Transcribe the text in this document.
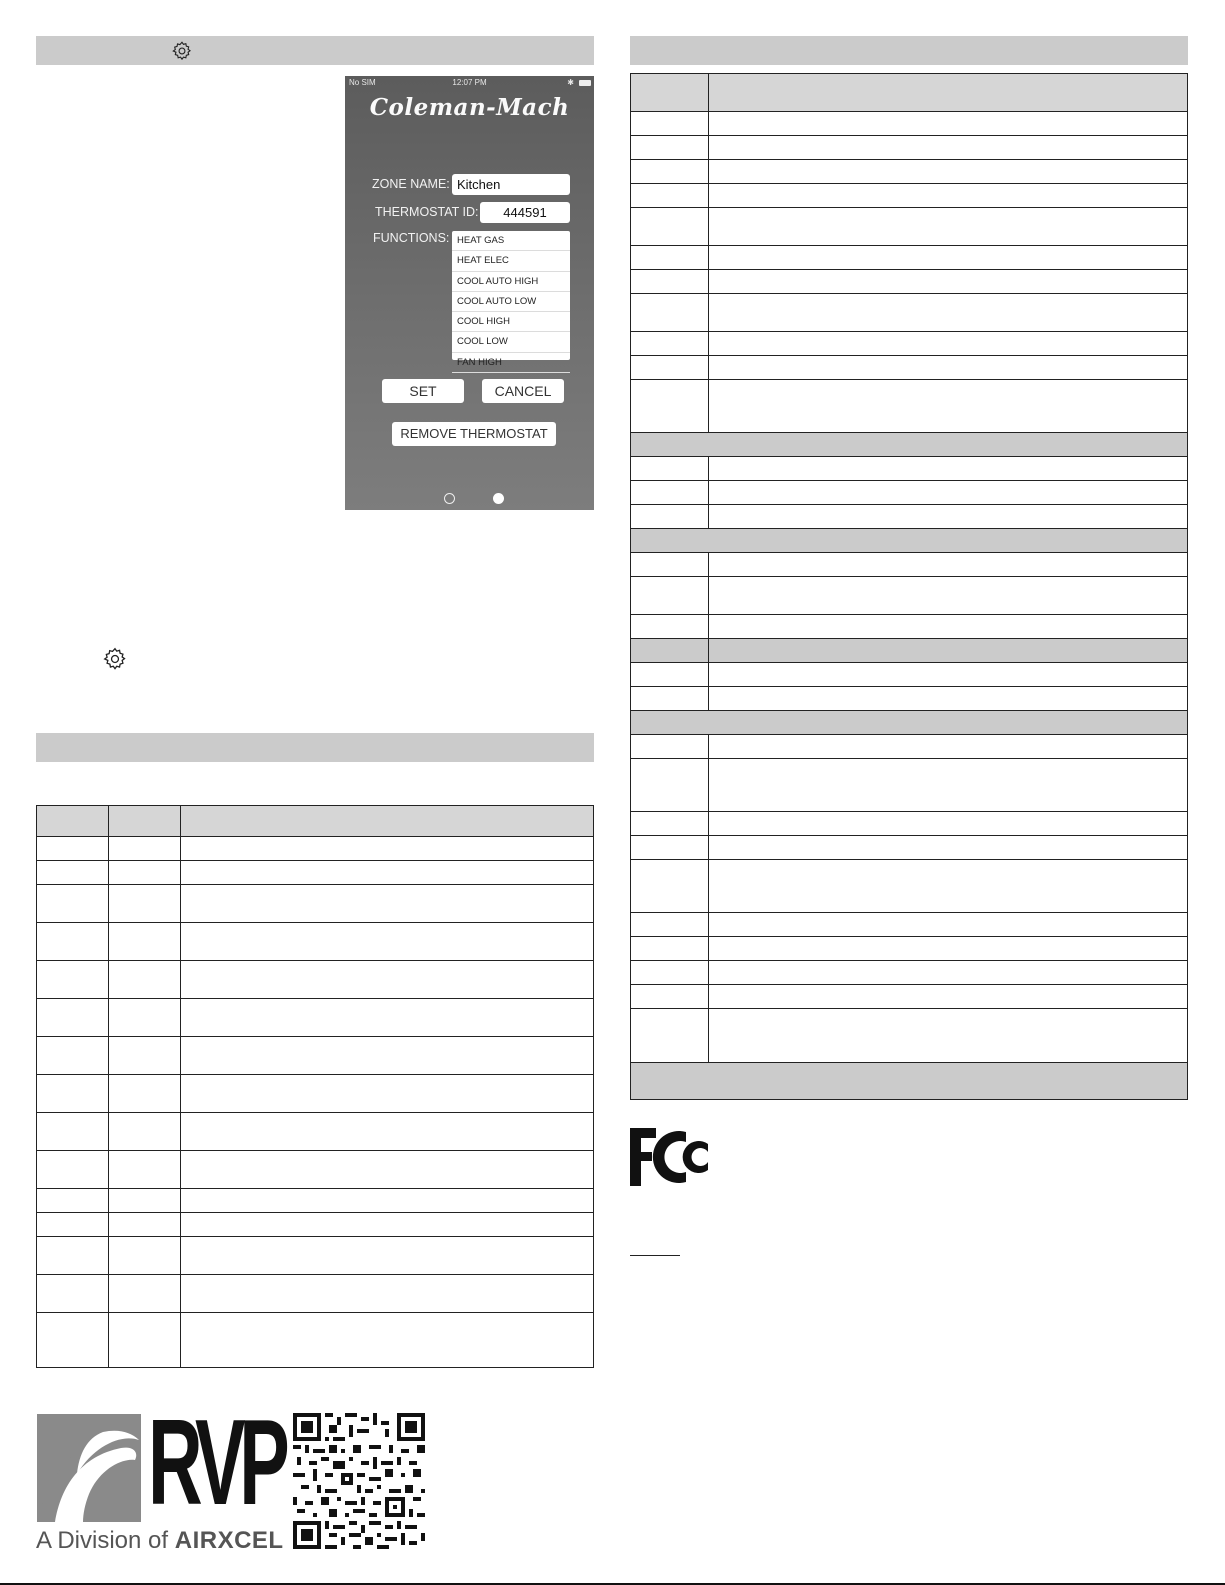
No SIM	12:07 PM	✱
Coleman-Mach
ZONE NAME: Kitchen
THERMOSTAT ID:	444591
FUNCTIONS: HEAT GAS
HEAT ELEC
COOL AUTO HIGH
COOL AUTO LOW
COOL HIGH
COOL LOW
FAN HIGH
SET	CANCEL
REMOVE THERMOSTAT
RVP
A Division of AIRXCEL
